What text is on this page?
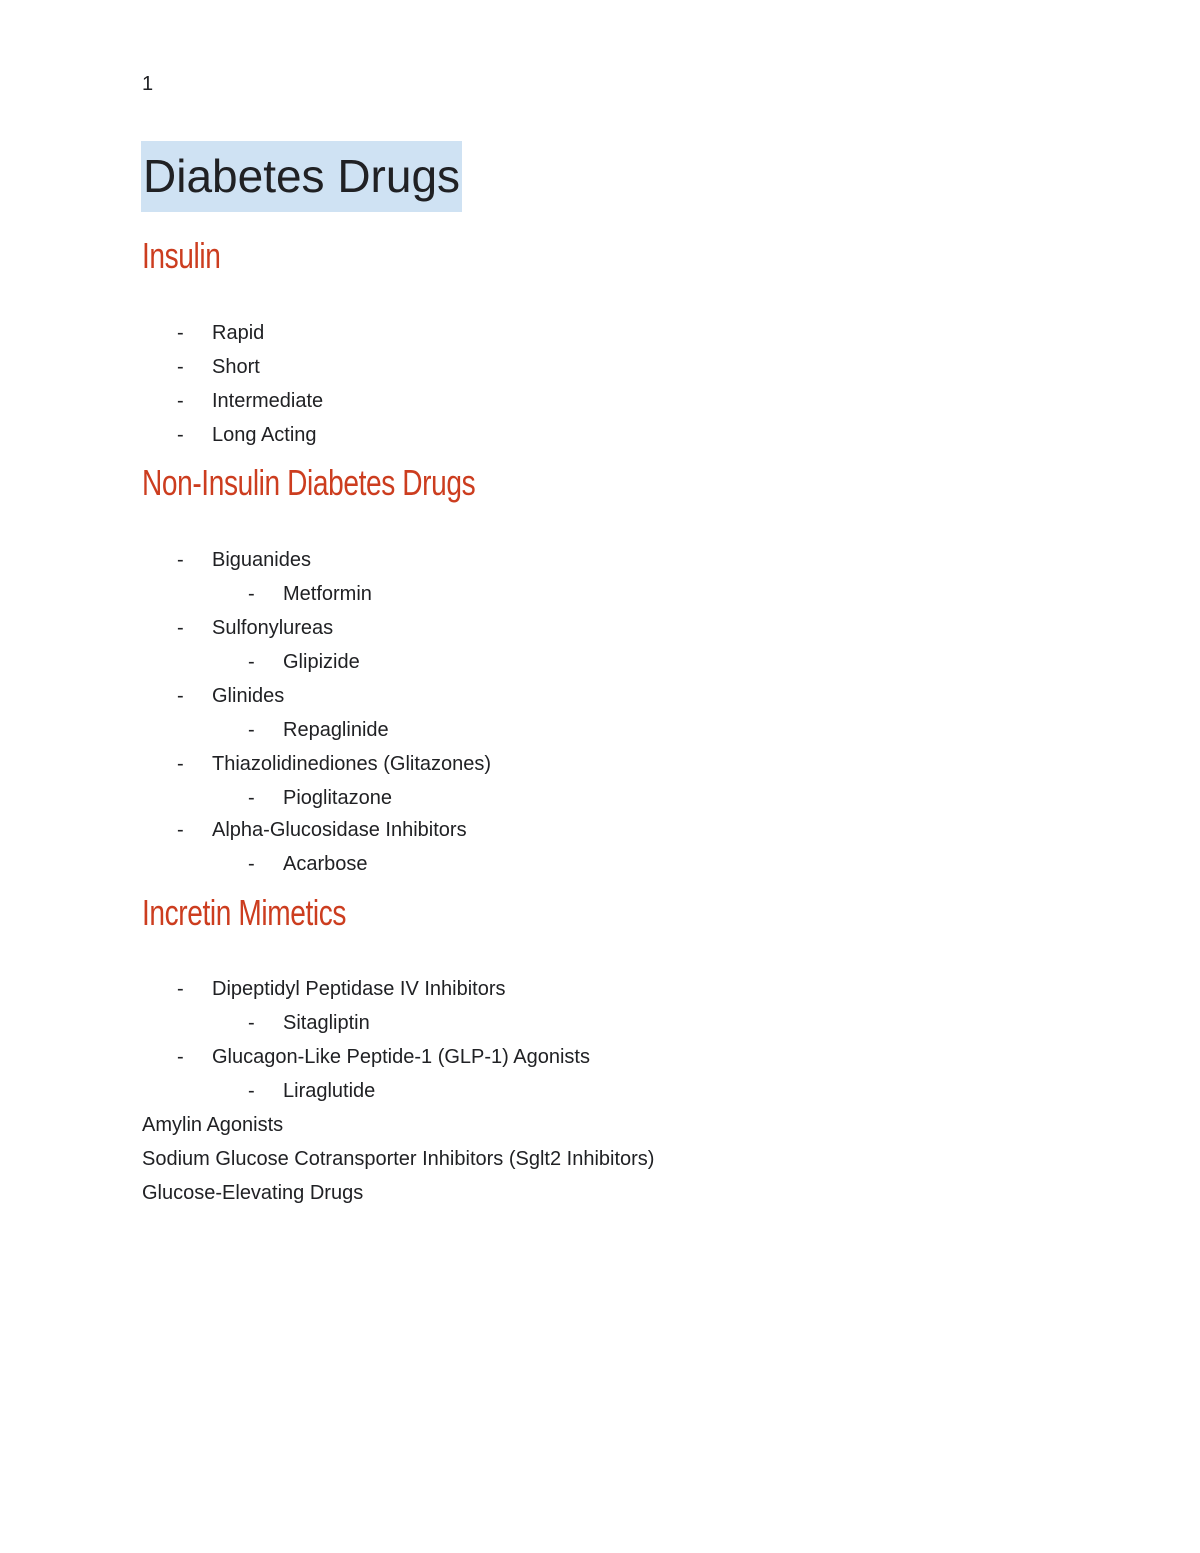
1
Diabetes Drugs
Insulin
-	Rapid
-	Short
-	Intermediate
-	Long Acting
Non-Insulin Diabetes Drugs
-	Biguanides
-	Metformin
-	Sulfonylureas
-	Glipizide
-	Glinides
-	Repaglinide
-	Thiazolidinediones (Glitazones)
-	Pioglitazone
-	Alpha-Glucosidase Inhibitors
-	Acarbose
Incretin Mimetics
-	Dipeptidyl Peptidase IV Inhibitors
-	Sitagliptin
-	Glucagon-Like Peptide-1 (GLP-1) Agonists
-	Liraglutide
Amylin Agonists
Sodium Glucose Cotransporter Inhibitors (Sglt2 Inhibitors)
Glucose-Elevating Drugs
